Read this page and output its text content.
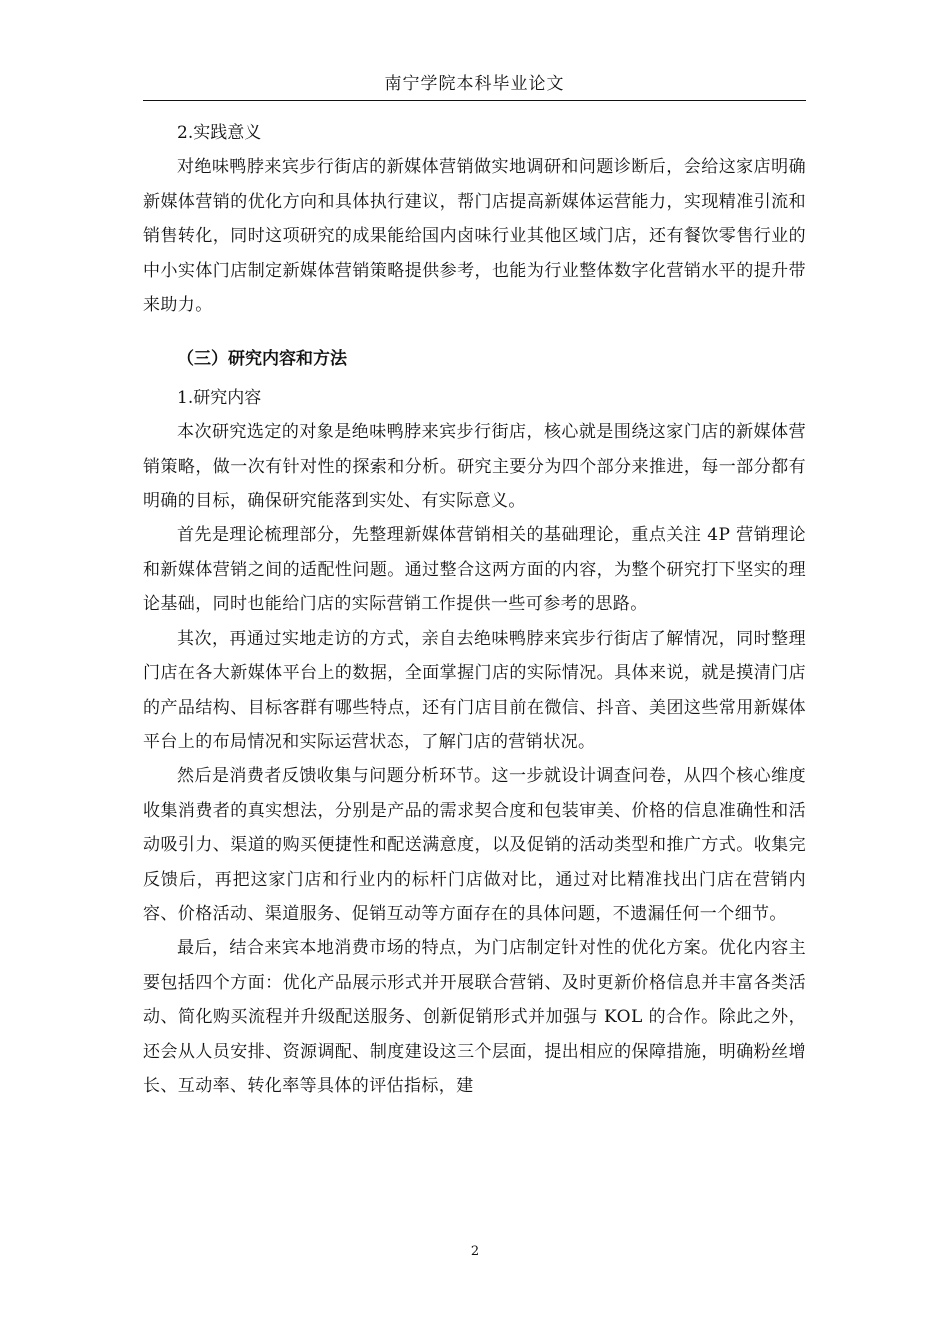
南宁学院本科毕业论文
2.实践意义

对绝味鸭脖来宾步行街店的新媒体营销做实地调研和问题诊断后，会给这家店明确新媒体营销的优化方向和具体执行建议，帮门店提高新媒体运营能力，实现精准引流和销售转化，同时这项研究的成果能给国内卤味行业其他区域门店，还有餐饮零售行业的中小实体门店制定新媒体营销策略提供参考，也能为行业整体数字化营销水平的提升带来助力。

（三）研究内容和方法
1.研究内容

本次研究选定的对象是绝味鸭脖来宾步行街店，核心就是围绕这家门店的新媒体营销策略，做一次有针对性的探索和分析。研究主要分为四个部分来推进，每一部分都有明确的目标，确保研究能落到实处、有实际意义。

首先是理论梳理部分，先整理新媒体营销相关的基础理论，重点关注 4P 营销理论和新媒体营销之间的适配性问题。通过整合这两方面的内容，为整个研究打下坚实的理论基础，同时也能给门店的实际营销工作提供一些可参考的思路。

其次，再通过实地走访的方式，亲自去绝味鸭脖来宾步行街店了解情况，同时整理门店在各大新媒体平台上的数据，全面掌握门店的实际情况。具体来说，就是摸清门店的产品结构、目标客群有哪些特点，还有门店目前在微信、抖音、美团这些常用新媒体平台上的布局情况和实际运营状态，了解门店的营销状况。

然后是消费者反馈收集与问题分析环节。这一步就设计调查问卷，从四个核心维度收集消费者的真实想法，分别是产品的需求契合度和包装审美、价格的信息准确性和活动吸引力、渠道的购买便捷性和配送满意度，以及促销的活动类型和推广方式。收集完反馈后，再把这家门店和行业内的标杆门店做对比，通过对比精准找出门店在营销内容、价格活动、渠道服务、促销互动等方面存在的具体问题，不遗漏任何一个细节。

最后，结合来宾本地消费市场的特点，为门店制定针对性的优化方案。优化内容主要包括四个方面：优化产品展示形式并开展联合营销、及时更新价格信息并丰富各类活动、简化购买流程并升级配送服务、创新促销形式并加强与 KOL 的合作。除此之外，还会从人员安排、资源调配、制度建设这三个层面，提出相应的保障措施，明确粉丝增长、互动率、转化率等具体的评估指标，建

2
